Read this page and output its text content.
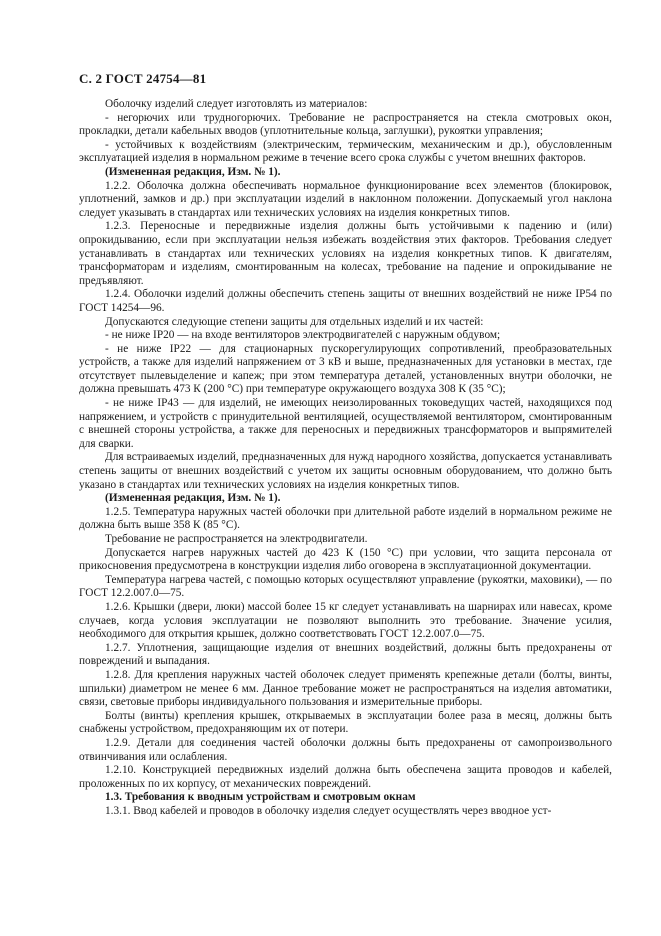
С. 2 ГОСТ 24754—81

Оболочку изделий следует изготовлять из материалов:

- негорючих или трудногорючих. Требование не распространяется на стекла смотровых окон, прокладки, детали кабельных вводов (уплотнительные кольца, заглушки), рукоятки управления;

- устойчивых к воздействиям (электрическим, термическим, механическим и др.), обусловленным эксплуатацией изделия в нормальном режиме в течение всего срока службы с учетом внешних факторов.

(Измененная редакция, Изм. № 1).

1.2.2. Оболочка должна обеспечивать нормальное функционирование всех элементов (блокировок, уплотнений, замков и др.) при эксплуатации изделий в наклонном положении. Допускаемый угол наклона следует указывать в стандартах или технических условиях на изделия конкретных типов.

1.2.3. Переносные и передвижные изделия должны быть устойчивыми к падению и (или) опрокидыванию, если при эксплуатации нельзя избежать воздействия этих факторов. Требования следует устанавливать в стандартах или технических условиях на изделия конкретных типов. К двигателям, трансформаторам и изделиям, смонтированным на колесах, требование на падение и опрокидывание не предъявляют.

1.2.4. Оболочки изделий должны обеспечить степень защиты от внешних воздействий не ниже IP54 по ГОСТ 14254—96.

Допускаются следующие степени защиты для отдельных изделий и их частей:

- не ниже IP20 — на входе вентиляторов электродвигателей с наружным обдувом;

- не ниже IP22 — для стационарных пускорегулирующих сопротивлений, преобразовательных устройств, а также для изделий напряжением от 3 кВ и выше, предназначенных для установки в местах, где отсутствует пылевыделение и капеж; при этом температура деталей, установленных внутри оболочки, не должна превышать 473 К (200 °С) при температуре окружающего воздуха 308 К (35 °С);

- не ниже IP43 — для изделий, не имеющих неизолированных токоведущих частей, находящихся под напряжением, и устройств с принудительной вентиляцией, осуществляемой вентилятором, смонтированным с внешней стороны устройства, а также для переносных и передвижных трансформаторов и выпрямителей для сварки.

Для встраиваемых изделий, предназначенных для нужд народного хозяйства, допускается устанавливать степень защиты от внешних воздействий с учетом их защиты основным оборудованием, что должно быть указано в стандартах или технических условиях на изделия конкретных типов.

(Измененная редакция, Изм. № 1).

1.2.5. Температура наружных частей оболочки при длительной работе изделий в нормальном режиме не должна быть выше 358 К (85 °С).

Требование не распространяется на электродвигатели.

Допускается нагрев наружных частей до 423 К (150 °С) при условии, что защита персонала от прикосновения предусмотрена в конструкции изделия либо оговорена в эксплуатационной документации.

Температура нагрева частей, с помощью которых осуществляют управление (рукоятки, маховики), — по ГОСТ 12.2.007.0—75.

1.2.6. Крышки (двери, люки) массой более 15 кг следует устанавливать на шарнирах или навесах, кроме случаев, когда условия эксплуатации не позволяют выполнить это требование. Значение усилия, необходимого для открытия крышек, должно соответствовать ГОСТ 12.2.007.0—75.

1.2.7. Уплотнения, защищающие изделия от внешних воздействий, должны быть предохранены от повреждений и выпадания.

1.2.8. Для крепления наружных частей оболочек следует применять крепежные детали (болты, винты, шпильки) диаметром не менее 6 мм. Данное требование может не распространяться на изделия автоматики, связи, световые приборы индивидуального пользования и измерительные приборы.

Болты (винты) крепления крышек, открываемых в эксплуатации более раза в месяц, должны быть снабжены устройством, предохраняющим их от потери.

1.2.9. Детали для соединения частей оболочки должны быть предохранены от самопроизвольного отвинчивания или ослабления.

1.2.10. Конструкцией передвижных изделий должна быть обеспечена защита проводов и кабелей, проложенных по их корпусу, от механических повреждений.

1.3. Требования к вводным устройствам и смотровым окнам

1.3.1. Ввод кабелей и проводов в оболочку изделия следует осуществлять через вводное уст-
